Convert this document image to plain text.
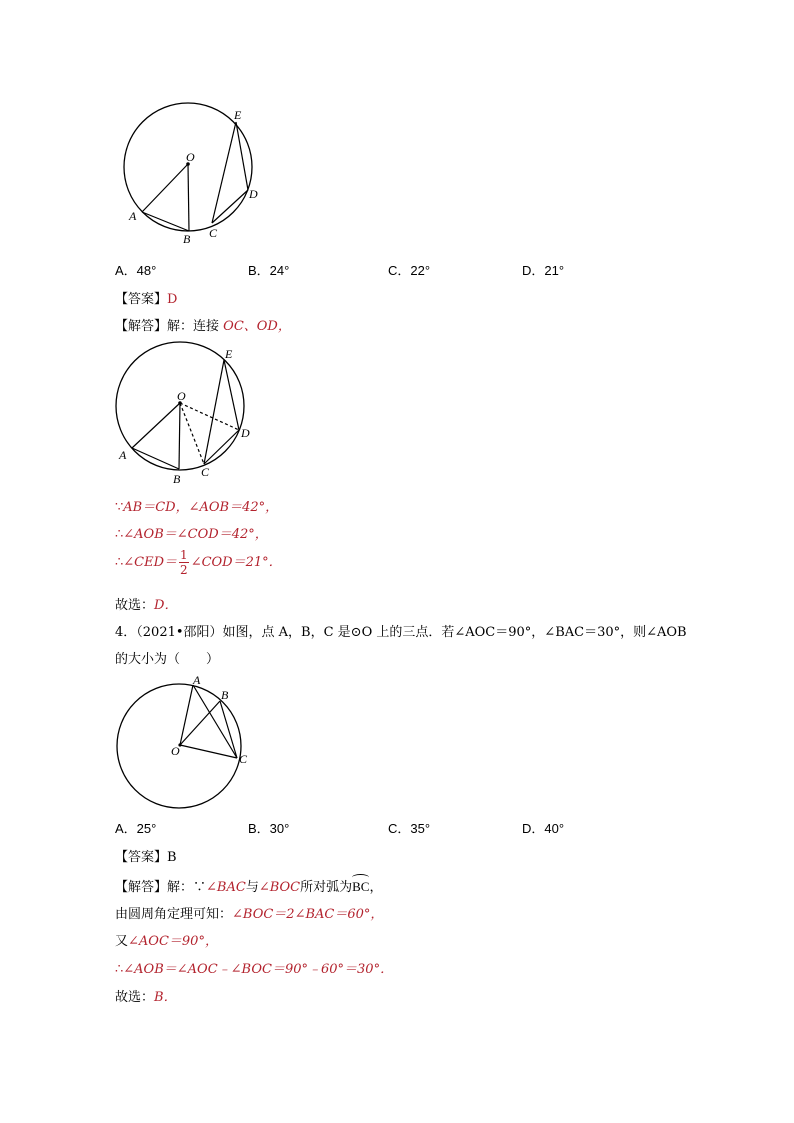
O
A
B C
D
E
A．48°	B．24°	C．22°	D．21°
【答案】D
【解答】解：连接 OC、OD，
O
A
B C
D
E
∵AB＝CD，∠AOB＝42°，
∴∠AOB＝∠COD＝42°，
∴∠CED＝ $\frac{1}{2}$ ∠COD＝21°．
故选：D．
4．（2021•邵阳）如图，点 A，B，C 是⊙O 上的三点．若∠AOC＝90°，∠BAC＝30°，则∠AOB
的大小为（　　）
O
A
B
C
A．25°	B．30°	C．35°	D．40°
【答案】B
【解答】解：∵∠BAC与∠BOC所对弧为BC，
由圆周角定理可知：∠BOC＝2∠BAC＝60°，
又∠AOC＝90°，
∴∠AOB＝∠AOC﹣∠BOC＝90°﹣60°＝30°．
故选：B．
